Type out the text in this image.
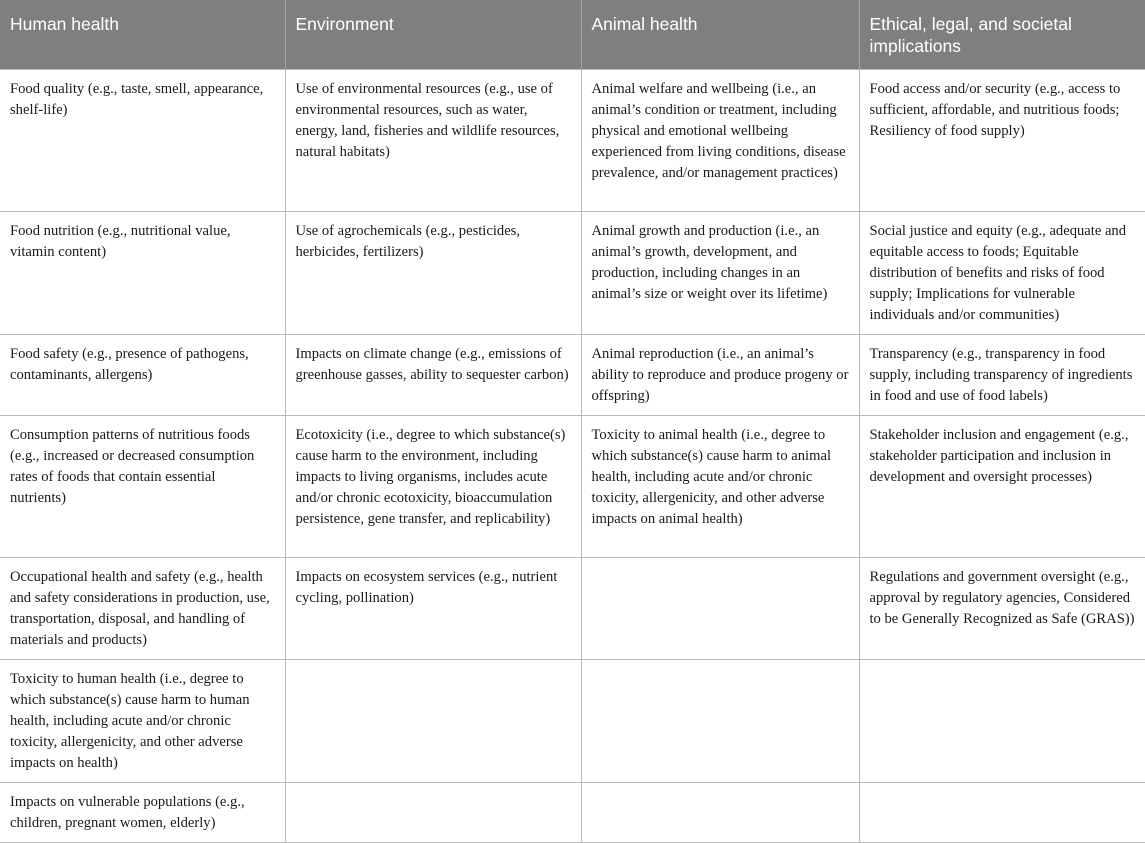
Human health	Environment	Animal health	Ethical, legal, and societal implications
Food quality (e.g., taste, smell, appearance, shelf-life)	Use of environmental resources (e.g., use of environmental resources, such as water, energy, land, fisheries and wildlife resources, natural habitats)	Animal welfare and wellbeing (i.e., an animal’s condition or treatment, including physical and emotional wellbeing experienced from living conditions, disease prevalence, and/or management practices)	Food access and/or security (e.g., access to sufficient, affordable, and nutritious foods; Resiliency of food supply)
Food nutrition (e.g., nutritional value, vitamin content)	Use of agrochemicals (e.g., pesticides, herbicides, fertilizers)	Animal growth and production (i.e., an animal’s growth, development, and production, including changes in an animal’s size or weight over its lifetime)	Social justice and equity (e.g., adequate and equitable access to foods; Equitable distribution of benefits and risks of food supply; Implications for vulnerable individuals and/or communities)
Food safety (e.g., presence of pathogens, contaminants, allergens)	Impacts on climate change (e.g., emissions of greenhouse gasses, ability to sequester carbon)	Animal reproduction (i.e., an animal’s ability to reproduce and produce progeny or offspring)	Transparency (e.g., transparency in food supply, including transparency of ingredients in food and use of food labels)
Consumption patterns of nutritious foods (e.g., increased or decreased consumption rates of foods that contain essential nutrients)	Ecotoxicity (i.e., degree to which substance(s) cause harm to the environment, including impacts to living organisms, includes acute and/or chronic ecotoxicity, bioaccumulation persistence, gene transfer, and replicability)	Toxicity to animal health (i.e., degree to which substance(s) cause harm to animal health, including acute and/or chronic toxicity, allergenicity, and other adverse impacts on animal health)	Stakeholder inclusion and engagement (e.g., stakeholder participation and inclusion in development and oversight processes)
Occupational health and safety (e.g., health and safety considerations in production, use, transportation, disposal, and handling of materials and products)	Impacts on ecosystem services (e.g., nutrient cycling, pollination)		Regulations and government oversight (e.g., approval by regulatory agencies, Considered to be Generally Recognized as Safe (GRAS))
Toxicity to human health (i.e., degree to which substance(s) cause harm to human health, including acute and/or chronic toxicity, allergenicity, and other adverse impacts on health)			
Impacts on vulnerable populations (e.g., children, pregnant women, elderly)			
